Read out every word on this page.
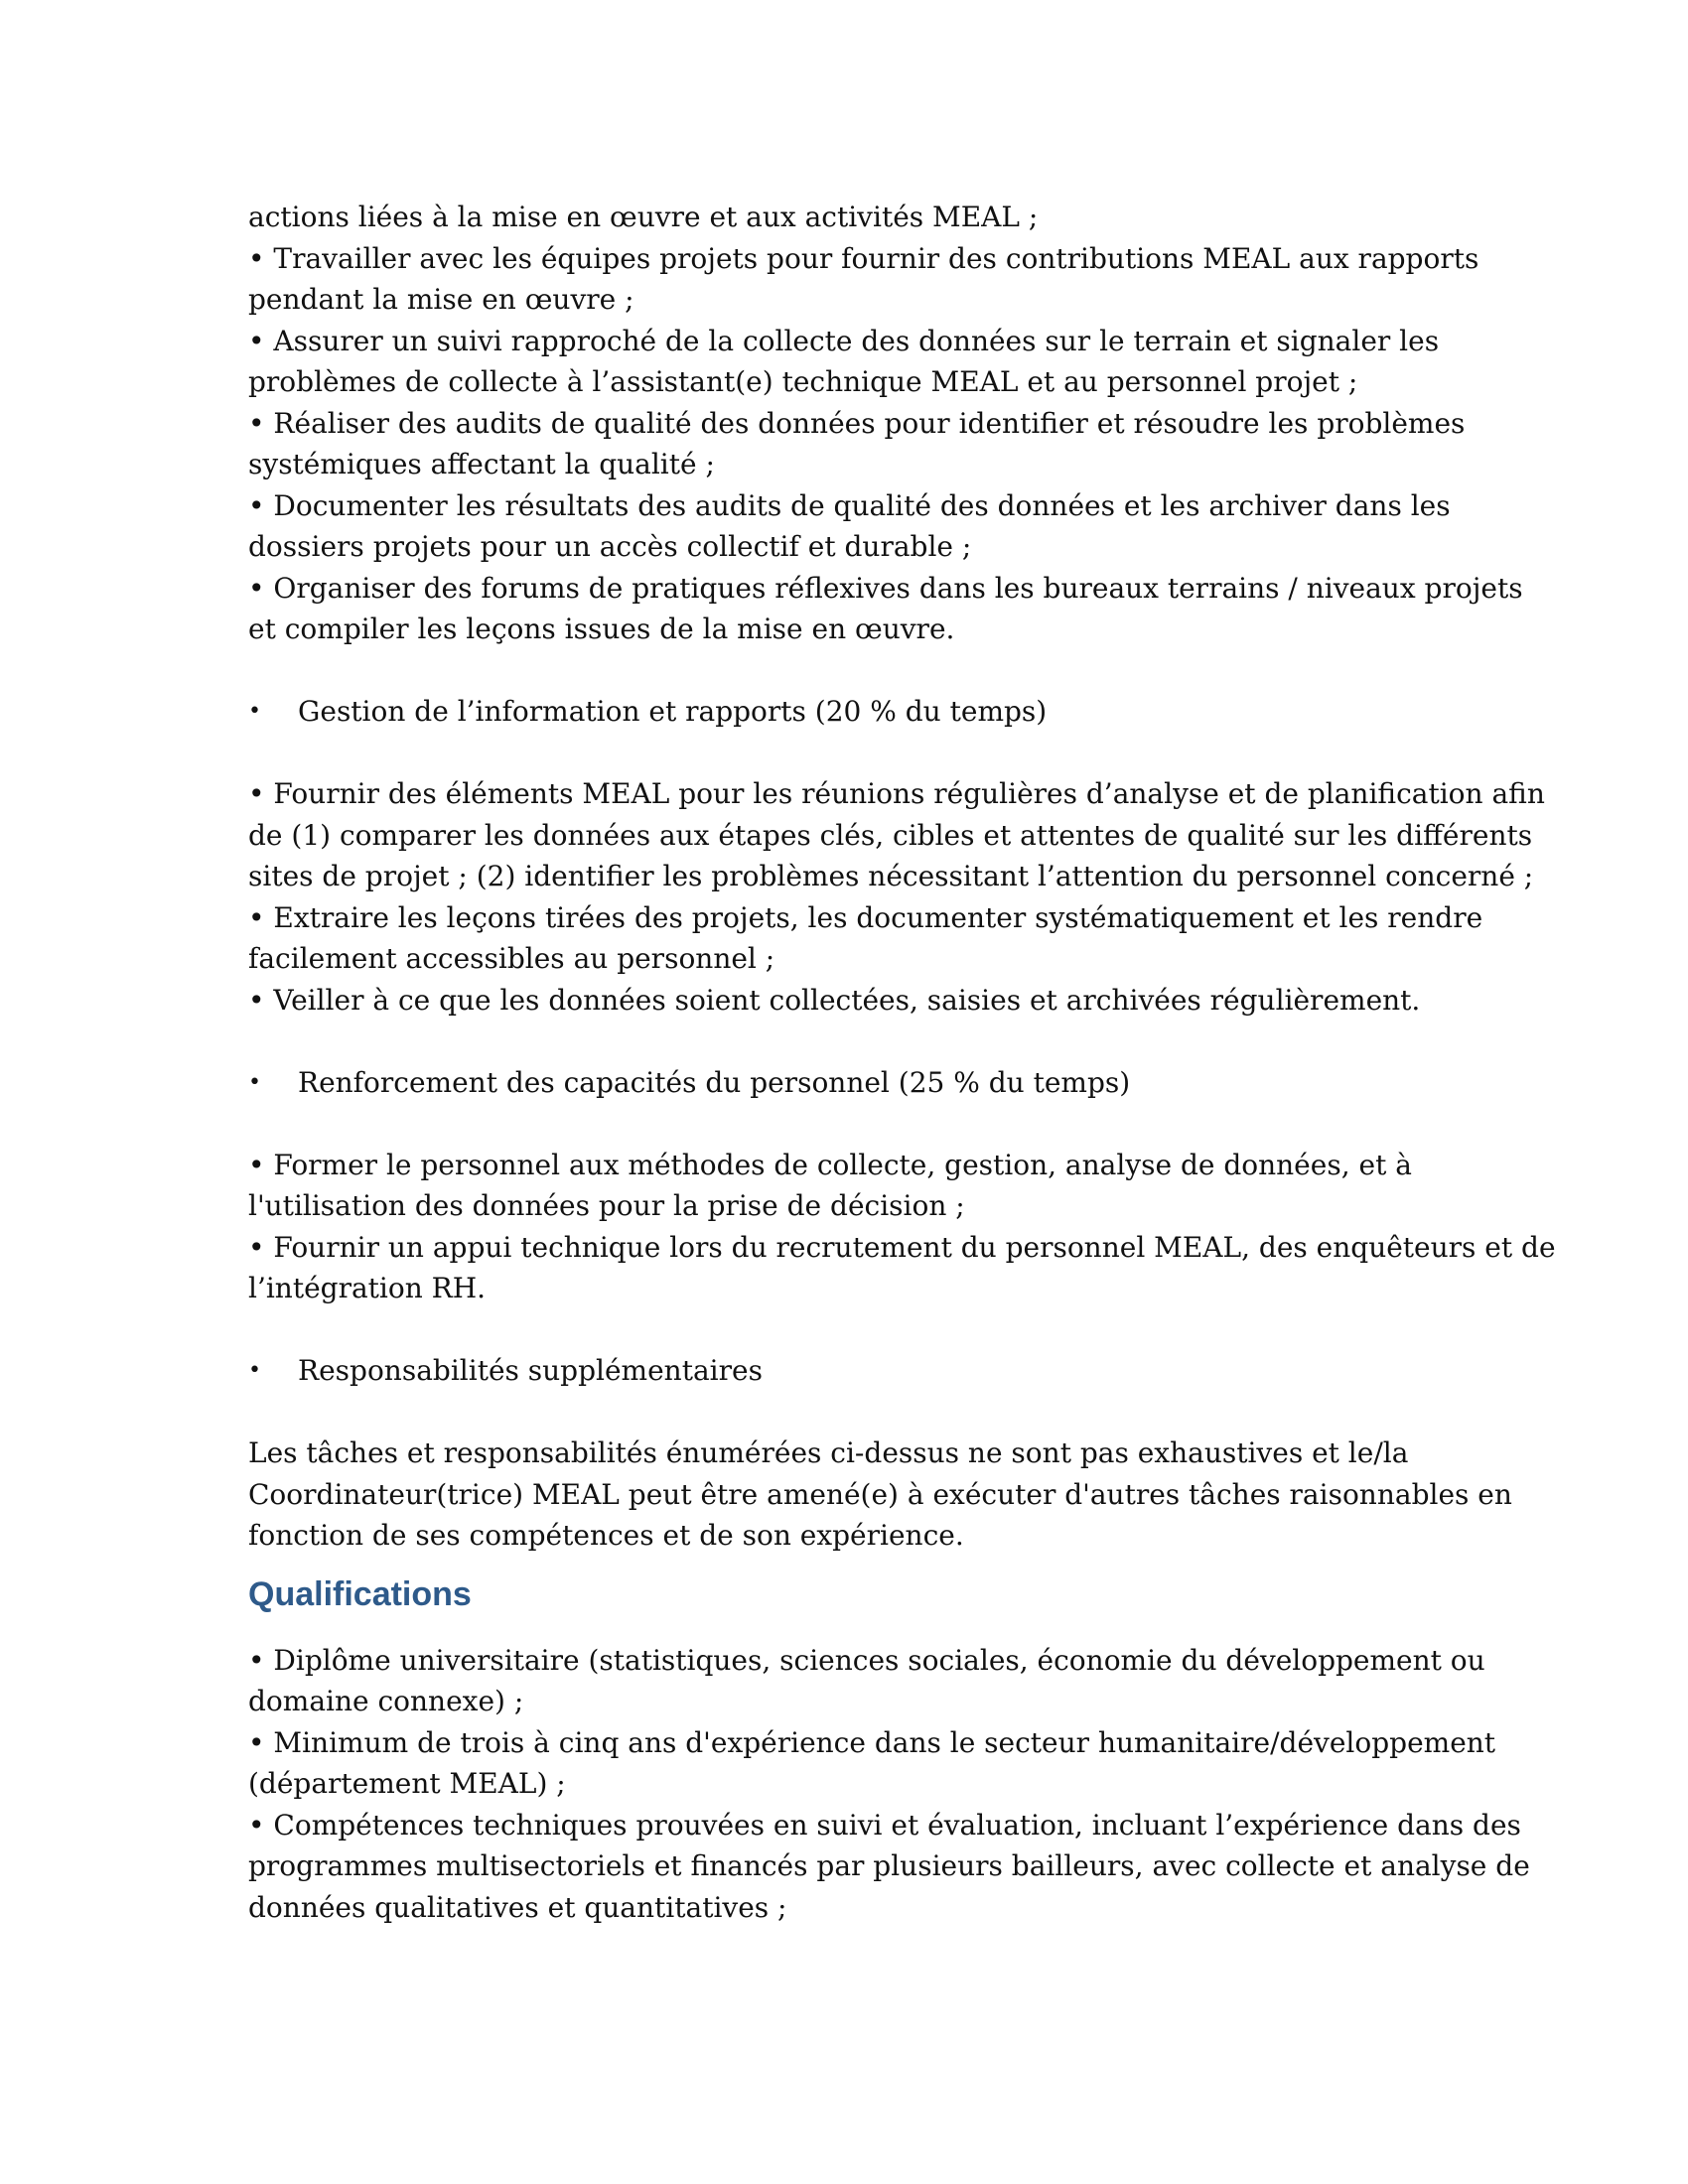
actions liées à la mise en œuvre et aux activités MEAL ;
• Travailler avec les équipes projets pour fournir des contributions MEAL aux rapports
pendant la mise en œuvre ;
• Assurer un suivi rapproché de la collecte des données sur le terrain et signaler les
problèmes de collecte à l’assistant(e) technique MEAL et au personnel projet ;
• Réaliser des audits de qualité des données pour identifier et résoudre les problèmes
systémiques affectant la qualité ;
• Documenter les résultats des audits de qualité des données et les archiver dans les
dossiers projets pour un accès collectif et durable ;
• Organiser des forums de pratiques réflexives dans les bureaux terrains / niveaux projets
et compiler les leçons issues de la mise en œuvre.
•	Gestion de l’information et rapports (20 % du temps)
• Fournir des éléments MEAL pour les réunions régulières d’analyse et de planification afin
de (1) comparer les données aux étapes clés, cibles et attentes de qualité sur les différents
sites de projet ; (2) identifier les problèmes nécessitant l’attention du personnel concerné ;
• Extraire les leçons tirées des projets, les documenter systématiquement et les rendre
facilement accessibles au personnel ;
• Veiller à ce que les données soient collectées, saisies et archivées régulièrement.
•	Renforcement des capacités du personnel (25 % du temps)
• Former le personnel aux méthodes de collecte, gestion, analyse de données, et à
l'utilisation des données pour la prise de décision ;
• Fournir un appui technique lors du recrutement du personnel MEAL, des enquêteurs et de
l’intégration RH.
•	Responsabilités supplémentaires
Les tâches et responsabilités énumérées ci-dessus ne sont pas exhaustives et le/la
Coordinateur(trice) MEAL peut être amené(e) à exécuter d'autres tâches raisonnables en
fonction de ses compétences et de son expérience.
Qualifications
• Diplôme universitaire (statistiques, sciences sociales, économie du développement ou
domaine connexe) ;
• Minimum de trois à cinq ans d'expérience dans le secteur humanitaire/développement
(département MEAL) ;
• Compétences techniques prouvées en suivi et évaluation, incluant l’expérience dans des
programmes multisectoriels et financés par plusieurs bailleurs, avec collecte et analyse de
données qualitatives et quantitatives ;
